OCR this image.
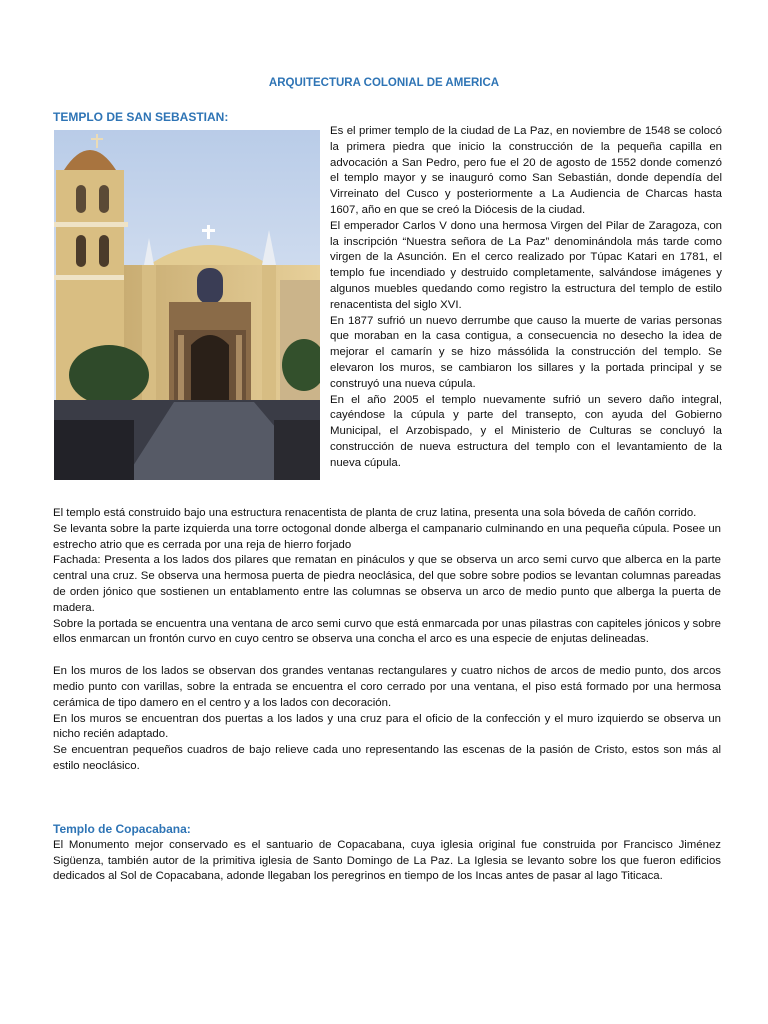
ARQUITECTURA COLONIAL DE AMERICA
TEMPLO DE SAN SEBASTIAN:

Es el primer templo de la ciudad de La Paz, en noviembre de 1548 se colocó la primera piedra que inicio la construcción de la pequeña capilla en advocación a San Pedro, pero fue el 20 de agosto de 1552 donde comenzó el templo mayor y se inauguró como San Sebastián, donde dependía del Virreinato del Cusco y posteriormente a La Audiencia de Charcas hasta 1607, año en que se creó la Diócesis de la ciudad.

El emperador Carlos V dono una hermosa Virgen del Pilar de Zaragoza, con la inscripción “Nuestra señora de La Paz” denominándola más tarde como virgen de la Asunción. En el cerco realizado por Túpac Katari en 1781, el templo fue incendiado y destruido completamente, salvándose imágenes y algunos muebles quedando como registro la estructura del templo de estilo renacentista del siglo XVI.

En 1877 sufrió un nuevo derrumbe que causo la muerte de varias personas que moraban en la casa contigua, a consecuencia no desecho la idea de mejorar el camarín y se hizo mássólida la construcción del templo. Se elevaron los muros, se cambiaron los sillares y la portada principal y se construyó una nueva cúpula.

En el año 2005 el templo nuevamente sufrió un severo daño integral, cayéndose la cúpula y parte del transepto, con ayuda del Gobierno Municipal, el Arzobispado, y el Ministerio de Culturas se concluyó la construcción de nueva estructura del templo con el levantamiento de la nueva cúpula.

El templo está construido bajo una estructura renacentista de planta de cruz latina, presenta una sola bóveda de cañón corrido.

Se levanta sobre la parte izquierda una torre octogonal donde alberga el campanario culminando en una pequeña cúpula. Posee un estrecho atrio que es cerrada por una reja de hierro forjado

Fachada: Presenta a los lados dos pilares que rematan en pináculos y que se observa un arco semi curvo que alberca en la parte central una cruz. Se observa una hermosa puerta de piedra neoclásica, del que sobre sobre podios se levantan columnas pareadas de orden jónico que sostienen un entablamento entre las columnas se observa un arco de medio punto que alberga la puerta de madera.

Sobre la portada se encuentra una ventana de arco semi curvo que está enmarcada por unas pilastras con capiteles jónicos y sobre ellos enmarcan un frontón curvo en cuyo centro se observa una concha el arco es una especie de enjutas delineadas.

En los muros de los lados se observan dos grandes ventanas rectangulares y cuatro nichos de arcos de medio punto, dos arcos medio punto con varillas, sobre la entrada se encuentra el coro cerrado por una ventana, el piso está formado por una hermosa cerámica de tipo damero en el centro y a los lados con decoración.

En los muros se encuentran dos puertas a los lados y una cruz para el oficio de la confección y el muro izquierdo se observa un nicho recién adaptado.

Se encuentran pequeños cuadros de bajo relieve cada uno representando las escenas de la pasión de Cristo, estos son más al estilo neoclásico.

Templo de Copacabana:

El Monumento mejor conservado es el santuario de Copacabana, cuya iglesia original fue construida por Francisco Jiménez Sigüenza, también autor de la primitiva iglesia de Santo Domingo de La Paz. La Iglesia se levanto sobre los que fueron edificios dedicados al Sol de Copacabana, adonde llegaban los peregrinos en tiempo de los Incas antes de pasar al lago Titicaca.
